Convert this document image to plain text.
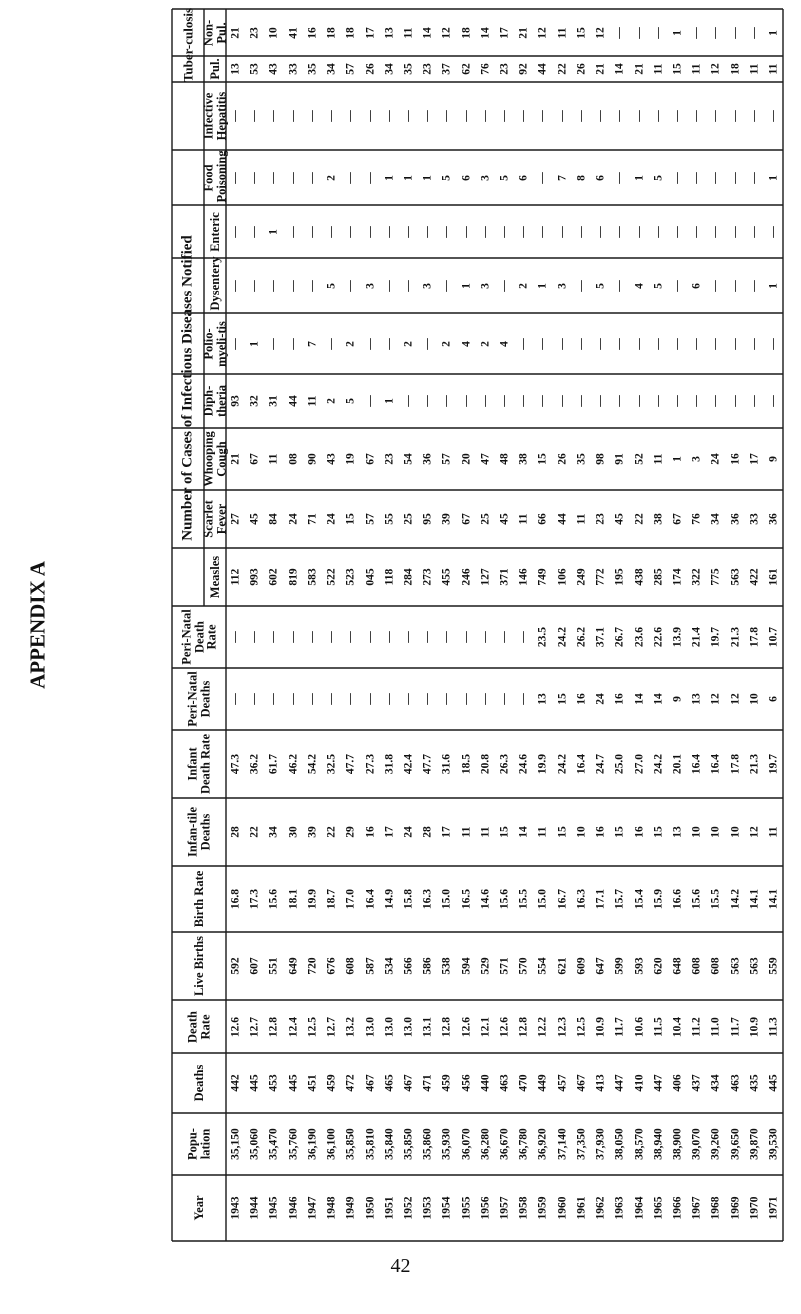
APPENDIX A
Number of Cases of Infectious Diseases Notified
Tuber-culosis
Year
Popu-lation
Deaths
Death Rate
Live Births
Birth Rate
Infan-tile Deaths
Infant Death Rate
Peri-Natal Deaths
Peri-Natal Death Rate
Measles
Scarlet Fever
Whooping Cough
Diph-theria
Polio-myeli-tis
Dysentery
Enteric
Food Poisoning
Infective Hepatitis
Pul.
Non-Pul.
1943
35,150
442
12.6
592
16.8
28
47.3
—
—
112
27
21
93
—
—
—
—
—
13
21
1944
35,060
445
12.7
607
17.3
22
36.2
—
—
993
45
67
32
1
—
—
—
—
53
23
1945
35,470
453
12.8
551
15.6
34
61.7
—
—
602
84
11
31
—
—
1
—
—
43
10
1946
35,760
445
12.4
649
18.1
30
46.2
—
—
819
24
08
44
—
—
—
—
—
33
41
1947
36,190
451
12.5
720
19.9
39
54.2
—
—
583
71
90
11
7
—
—
—
—
35
16
1948
36,100
459
12.7
676
18.7
22
32.5
—
—
522
24
43
2
—
5
—
2
—
34
18
1949
35,850
472
13.2
608
17.0
29
47.7
—
—
523
15
19
5
2
—
—
—
—
57
18
1950
35,810
467
13.0
587
16.4
16
27.3
—
—
045
57
67
—
—
3
—
—
—
26
17
1951
35,840
465
13.0
534
14.9
17
31.8
—
—
118
55
23
1
—
—
—
1
—
34
13
1952
35,850
467
13.0
566
15.8
24
42.4
—
—
284
25
54
—
2
—
—
1
—
35
11
1953
35,860
471
13.1
586
16.3
28
47.7
—
—
273
95
36
—
—
3
—
1
—
23
14
1954
35,930
459
12.8
538
15.0
17
31.6
—
—
455
39
57
—
2
—
—
5
—
37
12
1955
36,070
456
12.6
594
16.5
11
18.5
—
—
246
67
20
—
4
1
—
6
—
62
18
1956
36,280
440
12.1
529
14.6
11
20.8
—
—
127
25
47
—
2
3
—
3
—
76
14
1957
36,670
463
12.6
571
15.6
15
26.3
—
—
371
45
48
—
4
—
—
5
—
23
17
1958
36,780
470
12.8
570
15.5
14
24.6
—
—
146
11
38
—
—
2
—
6
—
92
21
1959
36,920
449
12.2
554
15.0
11
19.9
13
23.5
749
66
15
—
—
1
—
—
—
44
12
1960
37,140
457
12.3
621
16.7
15
24.2
15
24.2
106
44
26
—
—
3
—
7
—
22
11
1961
37,350
467
12.5
609
16.3
10
16.4
16
26.2
249
11
35
—
—
—
—
8
—
26
15
1962
37,930
413
10.9
647
17.1
16
24.7
24
37.1
772
23
98
—
—
5
—
6
—
21
12
1963
38,050
447
11.7
599
15.7
15
25.0
16
26.7
195
45
91
—
—
—
—
—
—
14
—
1964
38,570
410
10.6
593
15.4
16
27.0
14
23.6
438
22
52
—
—
4
—
1
—
21
—
1965
38,940
447
11.5
620
15.9
15
24.2
14
22.6
285
38
11
—
—
5
—
5
—
11
—
1966
38,900
406
10.4
648
16.6
13
20.1
9
13.9
174
67
1
—
—
—
—
—
—
15
1
1967
39,070
437
11.2
608
15.6
10
16.4
13
21.4
322
76
3
—
—
6
—
—
—
11
—
1968
39,260
434
11.0
608
15.5
10
16.4
12
19.7
775
34
24
—
—
—
—
—
—
12
—
1969
39,650
463
11.7
563
14.2
10
17.8
12
21.3
563
36
16
—
—
—
—
—
—
18
—
1970
39,870
435
10.9
563
14.1
12
21.3
10
17.8
422
33
17
—
—
—
—
—
—
11
—
1971
39,530
445
11.3
559
14.1
11
19.7
6
10.7
161
36
9
—
—
1
—
1
—
11
1
42
